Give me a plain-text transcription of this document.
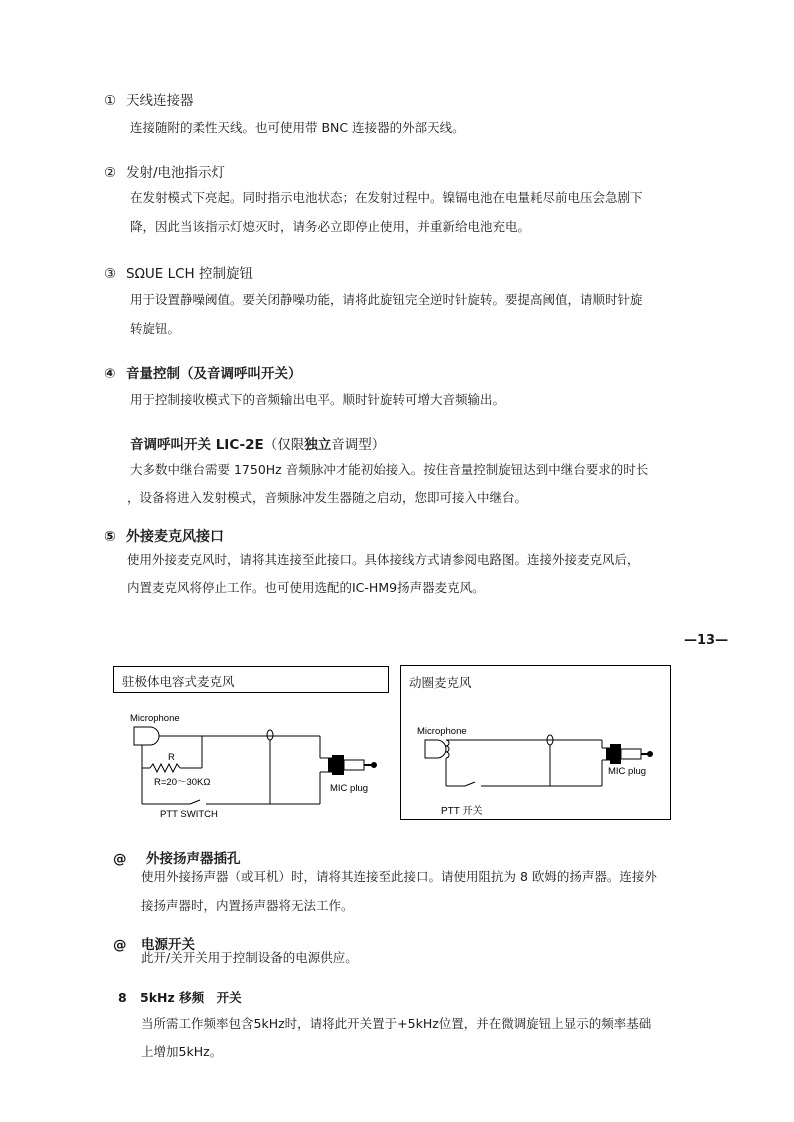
① 天线连接器
连接随附的柔性天线。也可使用带 BNC 连接器的外部天线。
② 发射/电池指示灯
在发射模式下亮起。同时指示电池状态；在发射过程中。镍镉电池在电量耗尽前电压会急剧下
降，因此当该指示灯熄灭时，请务必立即停止使用，并重新给电池充电。
③ SΩUE LCH 控制旋钮
用于设置静噪阈值。要关闭静噪功能，请将此旋钮完全逆时针旋转。要提高阈值，请顺时针旋
转旋钮。
④ 音量控制（及音调呼叫开关）
用于控制接收模式下的音频输出电平。顺时针旋转可增大音频输出。
音调呼叫开关 LIC-2E（仅限独立音调型）
大多数中继台需要 1750Hz 音频脉冲才能初始接入。按住音量控制旋钮达到中继台要求的时长
，设备将进入发射模式，音频脉冲发生器随之启动，您即可接入中继台。
⑤ 外接麦克风接口
使用外接麦克风时，请将其连接至此接口。具体接线方式请参阅电路图。连接外接麦克风后，
内置麦克风将停止工作。也可使用选配的IC-HM9扬声器麦克风。
—13—
驻极体电容式麦克风
Microphone
R
R=20～30KΩ
MIC plug
PTT SWITCH
动圈麦克风
Microphone
MIC plug
PTT 开关
@ 外接扬声器插孔
使用外接扬声器（或耳机）时，请将其连接至此接口。请使用阻抗为 8 欧姆的扬声器。连接外
接扬声器时，内置扬声器将无法工作。
@ 电源开关
此开/关开关用于控制设备的电源供应。
8 5kHz 移频　开关
当所需工作频率包含5kHz时，请将此开关置于+5kHz位置，并在微调旋钮上显示的频率基础
上增加5kHz。
